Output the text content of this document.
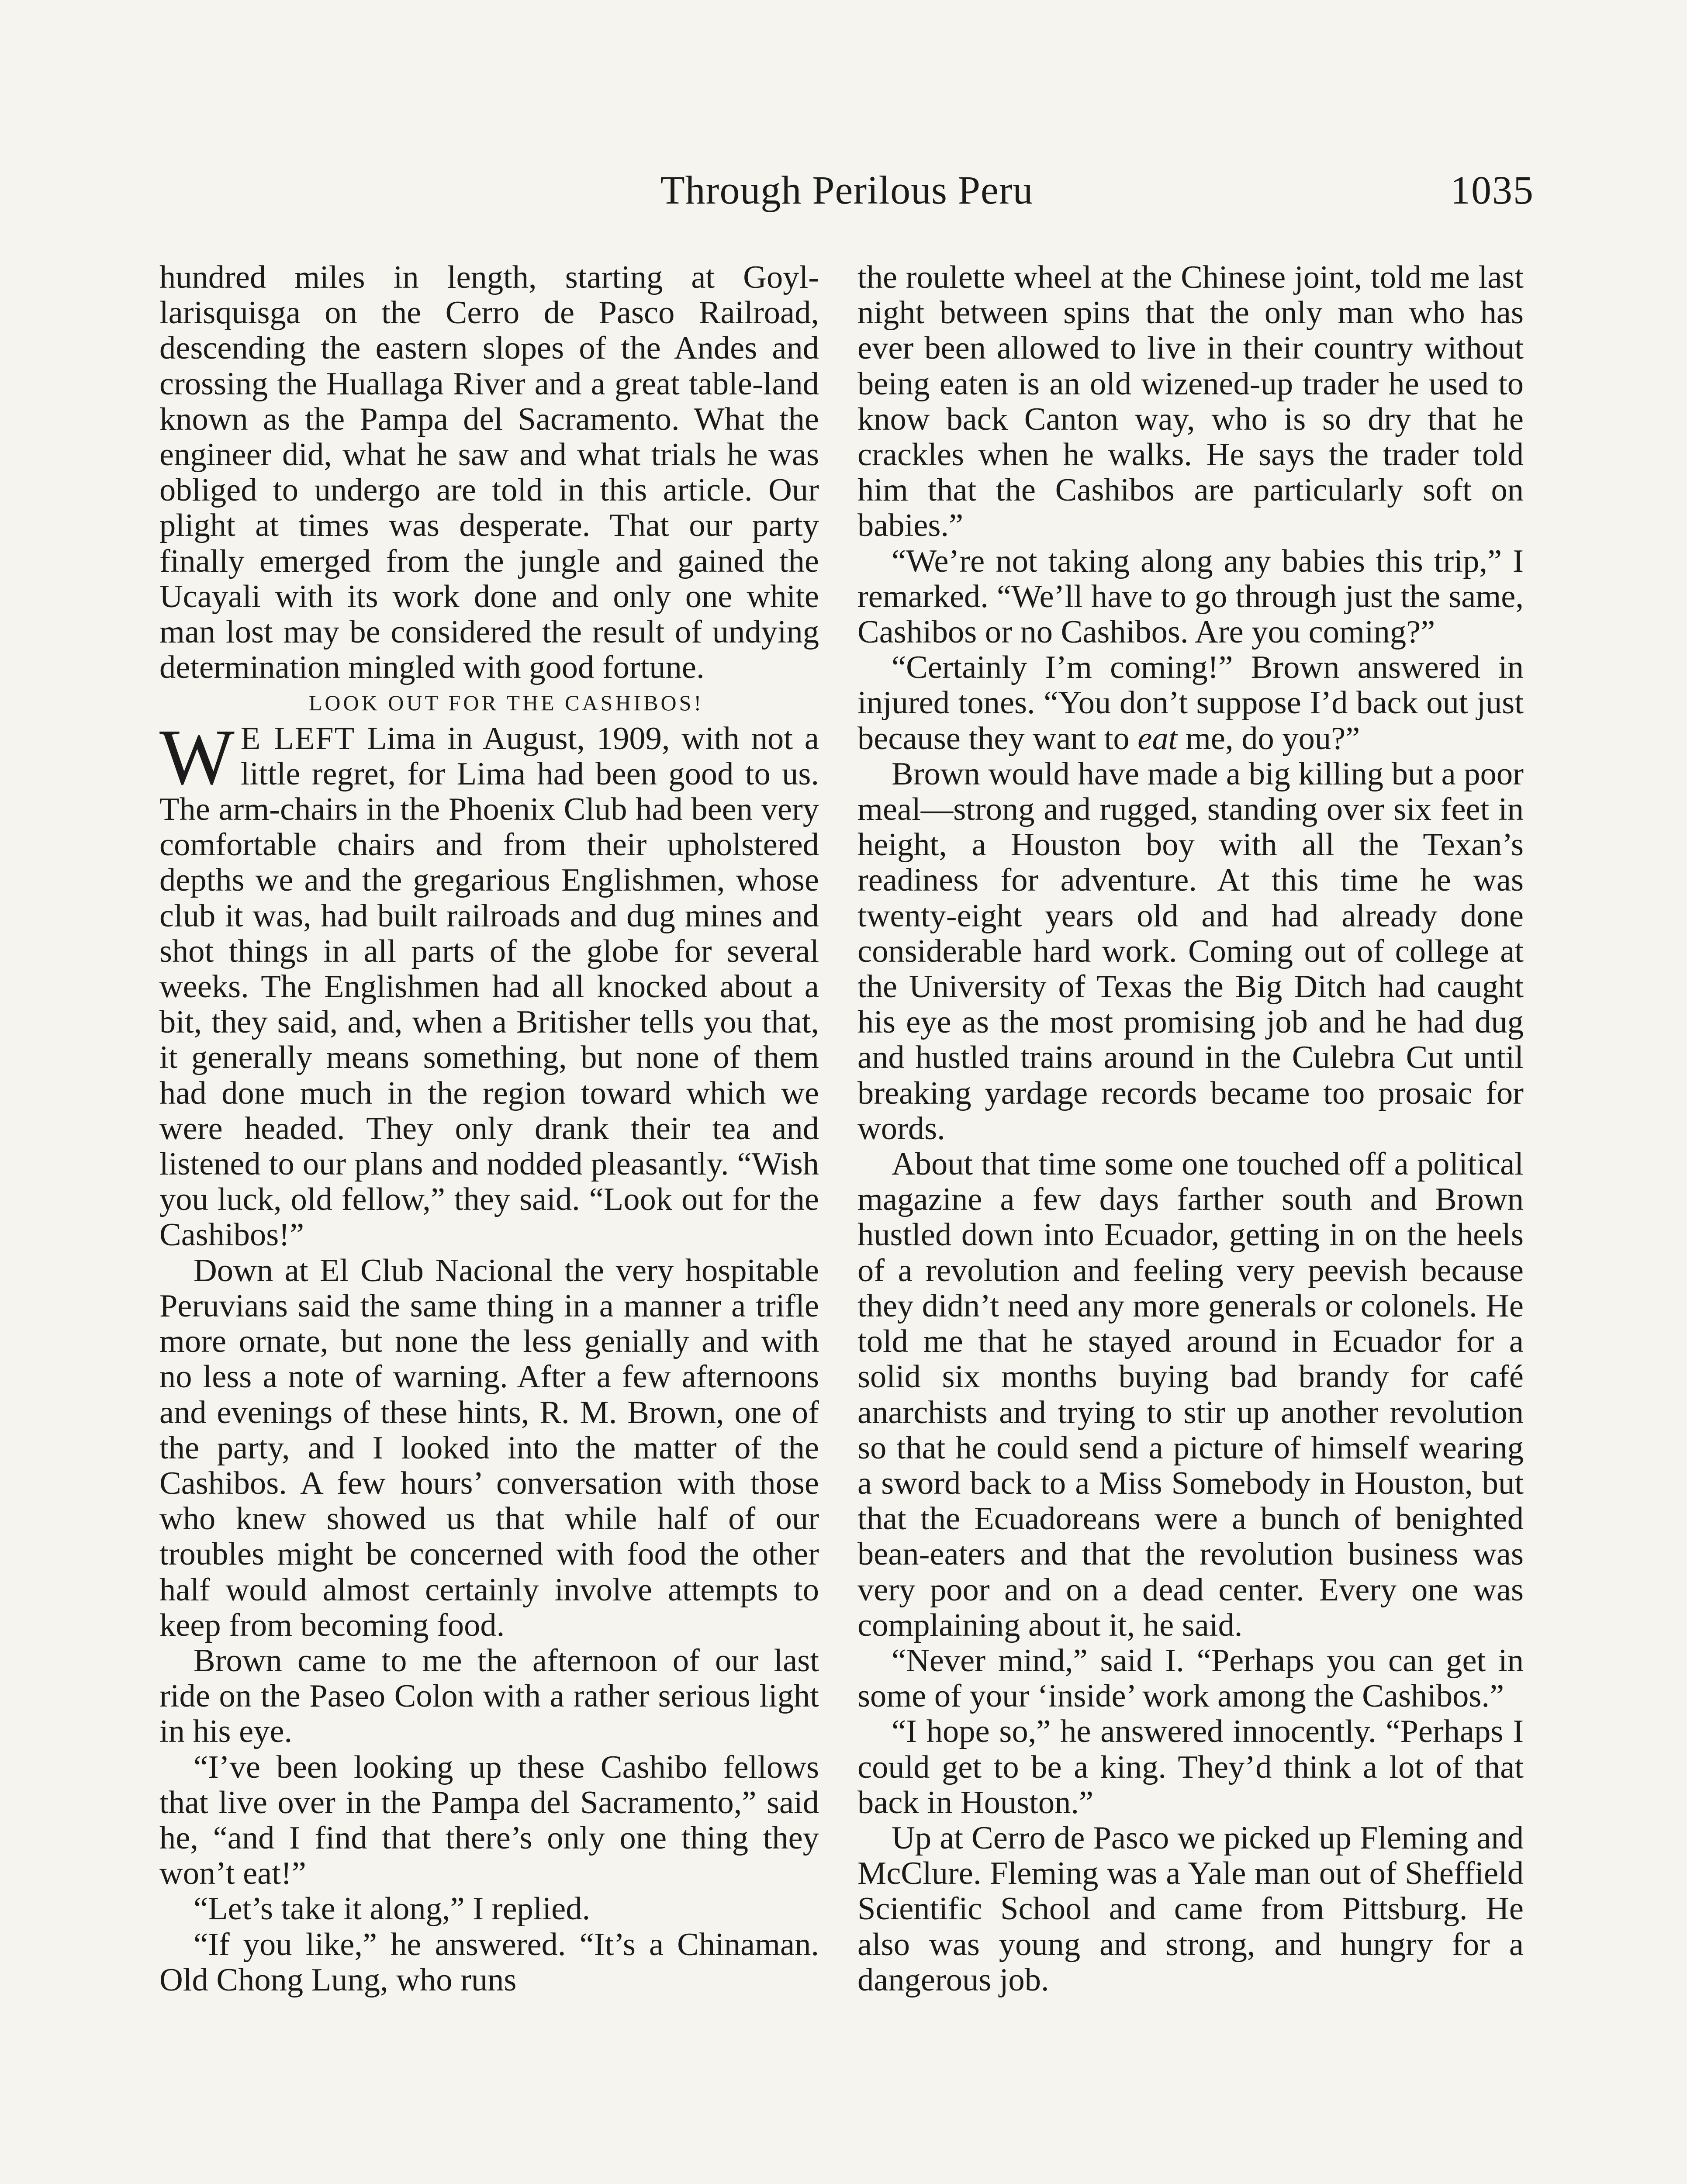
Through Perilous Peru	1035

hundred miles in length, starting at Goyllarisquisga on the Cerro de Pasco Railroad, descending the eastern slopes of the Andes and crossing the Huallaga River and a great table-land known as the Pampa del Sacramento. What the engineer did, what he saw and what trials he was obliged to undergo are told in this article. Our plight at times was desperate. That our party finally emerged from the jungle and gained the Ucayali with its work done and only one white man lost may be considered the result of undying determination mingled with good fortune.

LOOK OUT FOR THE CASHIBOS!

W E LEFT Lima in August, 1909, with not a little regret, for Lima had been good to us. The arm-chairs in the Phoenix Club had been very comfortable chairs and from their upholstered depths we and the gregarious Englishmen, whose club it was, had built railroads and dug mines and shot things in all parts of the globe for several weeks. The Englishmen had all knocked about a bit, they said, and, when a Britisher tells you that, it generally means something, but none of them had done much in the region toward which we were headed. They only drank their tea and listened to our plans and nodded pleasantly. “Wish you luck, old fellow,” they said. “Look out for the Cashibos!”

Down at El Club Nacional the very hospitable Peruvians said the same thing in a manner a trifle more ornate, but none the less genially and with no less a note of warning. After a few afternoons and evenings of these hints, R. M. Brown, one of the party, and I looked into the matter of the Cashibos. A few hours’ conversation with those who knew showed us that while half of our troubles might be concerned with food the other half would almost certainly involve attempts to keep from becoming food.

Brown came to me the afternoon of our last ride on the Paseo Colon with a rather serious light in his eye.

“I’ve been looking up these Cashibo fellows that live over in the Pampa del Sacramento,” said he, “and I find that there’s only one thing they won’t eat!”

“Let’s take it along,” I replied.

“If you like,” he answered. “It’s a Chinaman. Old Chong Lung, who runs

the roulette wheel at the Chinese joint, told me last night between spins that the only man who has ever been allowed to live in their country without being eaten is an old wizened-up trader he used to know back Canton way, who is so dry that he crackles when he walks. He says the trader told him that the Cashibos are particularly soft on babies.”

“We’re not taking along any babies this trip,” I remarked. “We’ll have to go through just the same, Cashibos or no Cashibos. Are you coming?”

“Certainly I’m coming!” Brown answered in injured tones. “You don’t suppose I’d back out just because they want to eat me, do you?”

Brown would have made a big killing but a poor meal—strong and rugged, standing over six feet in height, a Houston boy with all the Texan’s readiness for adventure. At this time he was twenty-eight years old and had already done considerable hard work. Coming out of college at the University of Texas the Big Ditch had caught his eye as the most promising job and he had dug and hustled trains around in the Culebra Cut until breaking yardage records became too prosaic for words.

About that time some one touched off a political magazine a few days farther south and Brown hustled down into Ecuador, getting in on the heels of a revolution and feeling very peevish because they didn’t need any more generals or colonels. He told me that he stayed around in Ecuador for a solid six months buying bad brandy for café anarchists and trying to stir up another revolution so that he could send a picture of himself wearing a sword back to a Miss Somebody in Houston, but that the Ecuadoreans were a bunch of benighted bean-eaters and that the revolution business was very poor and on a dead center. Every one was complaining about it, he said.

“Never mind,” said I. “Perhaps you can get in some of your ‘inside’ work among the Cashibos.”

“I hope so,” he answered innocently. “Perhaps I could get to be a king. They’d think a lot of that back in Houston.”

Up at Cerro de Pasco we picked up Fleming and McClure. Fleming was a Yale man out of Sheffield Scientific School and came from Pittsburg. He also was young and strong, and hungry for a dangerous job.
